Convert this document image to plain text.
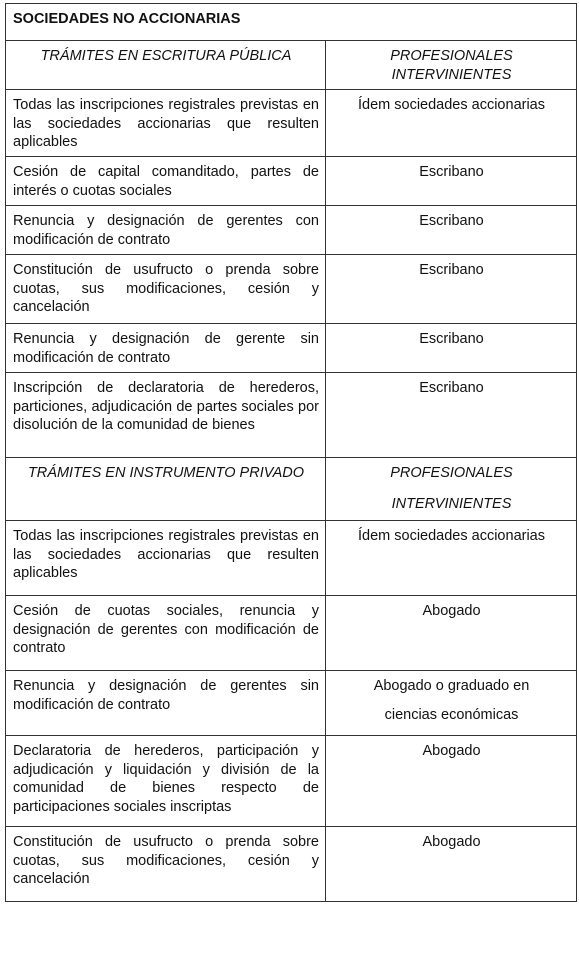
SOCIEDADES NO ACCIONARIAS	
TRÁMITES EN ESCRITURA PÚBLICA	PROFESIONALES INTERVINIENTES
Todas las inscripciones registrales previstas en las sociedades accionarias que resulten aplicables	Ídem sociedades accionarias
Cesión de capital comanditado, partes de interés o cuotas sociales	Escribano
Renuncia y designación de gerentes con modificación de contrato	Escribano
Constitución de usufructo o prenda sobre cuotas, sus modificaciones, cesión y cancelación	Escribano
Renuncia y designación de gerente sin modificación de contrato	Escribano
Inscripción de declaratoria de herederos, particiones, adjudicación de partes sociales por disolución de la comunidad de bienes	Escribano
TRÁMITES EN INSTRUMENTO PRIVADO	PROFESIONALES
INTERVINIENTES

Todas las inscripciones registrales previstas en las sociedades accionarias que resulten aplicables	Ídem sociedades accionarias
Cesión de cuotas sociales, renuncia y designación de gerentes con modificación de contrato	Abogado
Renuncia y designación de gerentes sin modificación de contrato	Abogado o graduado en
ciencias económicas

Declaratoria de herederos, participación y adjudicación y liquidación y división de la comunidad de bienes respecto de participaciones sociales inscriptas	Abogado
Constitución de usufructo o prenda sobre cuotas, sus modificaciones, cesión y cancelación	Abogado
